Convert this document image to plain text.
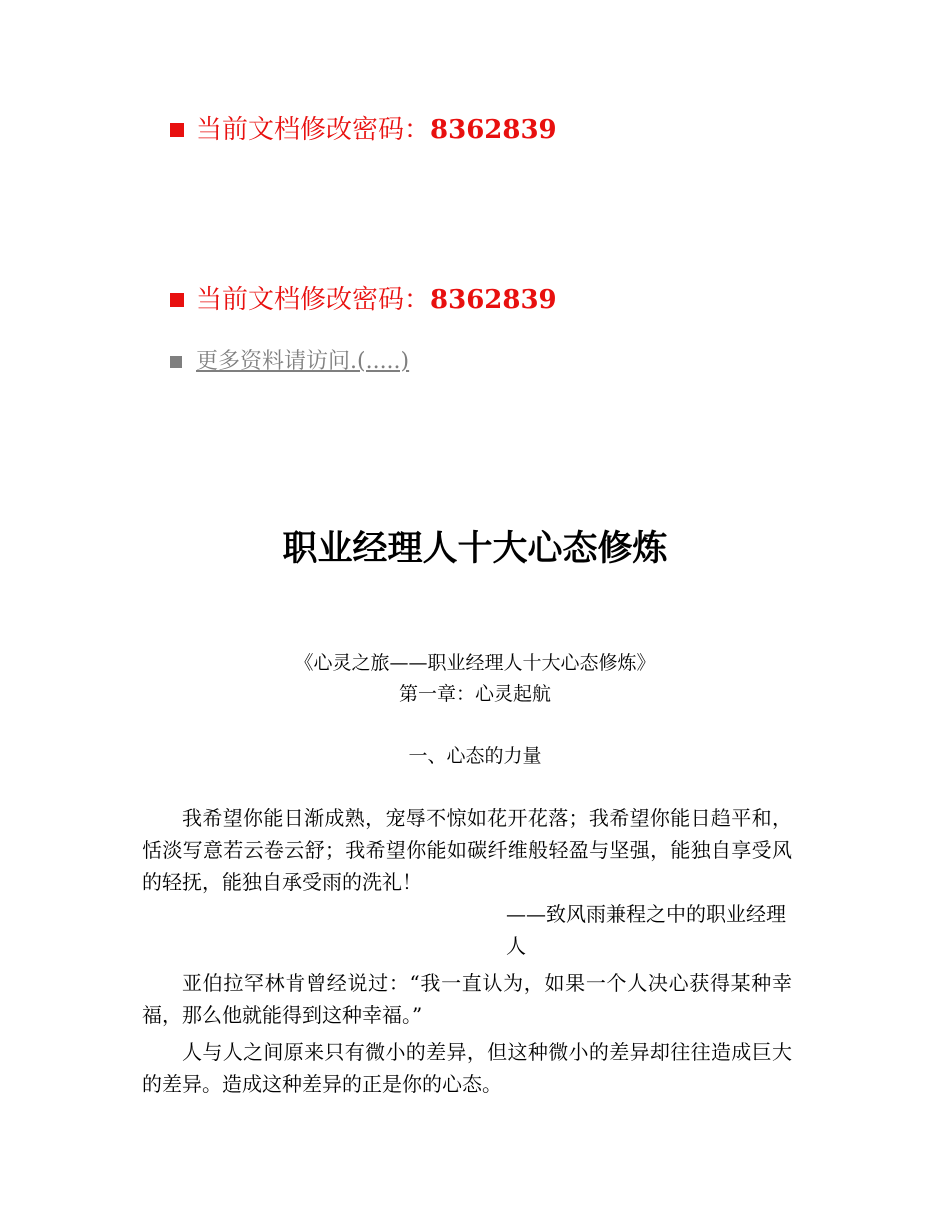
当前文档修改密码： 8362839
当前文档修改密码： 8362839
更多资料请访问.(.....)
职业经理人十大心态修炼
《心灵之旅——职业经理人十大心态修炼》
第一章：心灵起航
一、心态的力量

我希望你能日渐成熟，宠辱不惊如花开花落；我希望你能日趋平和，恬淡写意若云卷云舒；我希望你能如碳纤维般轻盈与坚强，能独自享受风的轻抚，能独自承受雨的洗礼！

——致风雨兼程之中的职业经理人

亚伯拉罕林肯曾经说过：“我一直认为，如果一个人决心获得某种幸福，那么他就能得到这种幸福。”

人与人之间原来只有微小的差异，但这种微小的差异却往往造成巨大的差异。造成这种差异的正是你的心态。
